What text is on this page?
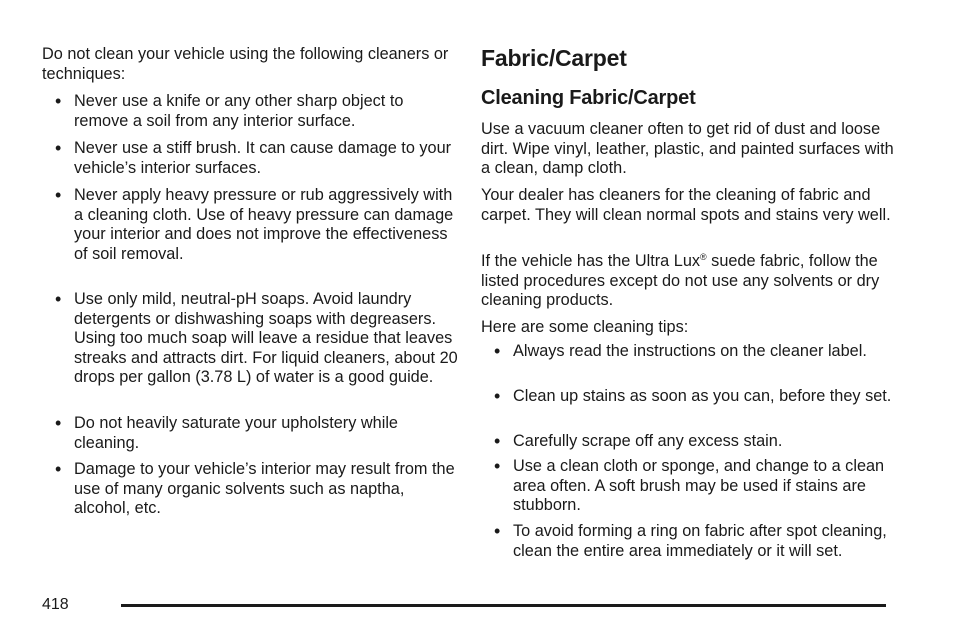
Do not clean your vehicle using the following cleaners or techniques:

• Never use a knife or any other sharp object to remove a soil from any interior surface.
• Never use a stiff brush. It can cause damage to your vehicle’s interior surfaces.
• Never apply heavy pressure or rub aggressively with a cleaning cloth. Use of heavy pressure can damage your interior and does not improve the effectiveness of soil removal.
• Use only mild, neutral-pH soaps. Avoid laundry detergents or dishwashing soaps with degreasers. Using too much soap will leave a residue that leaves streaks and attracts dirt. For liquid cleaners, about 20 drops per gallon (3.78 L) of water is a good guide.
• Do not heavily saturate your upholstery while cleaning.
• Damage to your vehicle’s interior may result from the use of many organic solvents such as naptha, alcohol, etc.
Fabric/Carpet
Cleaning Fabric/Carpet

Use a vacuum cleaner often to get rid of dust and loose dirt. Wipe vinyl, leather, plastic, and painted surfaces with a clean, damp cloth.

Your dealer has cleaners for the cleaning of fabric and carpet. They will clean normal spots and stains very well.

If the vehicle has the Ultra Lux® suede fabric, follow the listed procedures except do not use any solvents or dry cleaning products.

Here are some cleaning tips:

• Always read the instructions on the cleaner label.
• Clean up stains as soon as you can, before they set.
• Carefully scrape off any excess stain.
• Use a clean cloth or sponge, and change to a clean area often. A soft brush may be used if stains are stubborn.
• To avoid forming a ring on fabric after spot cleaning, clean the entire area immediately or it will set.
418
